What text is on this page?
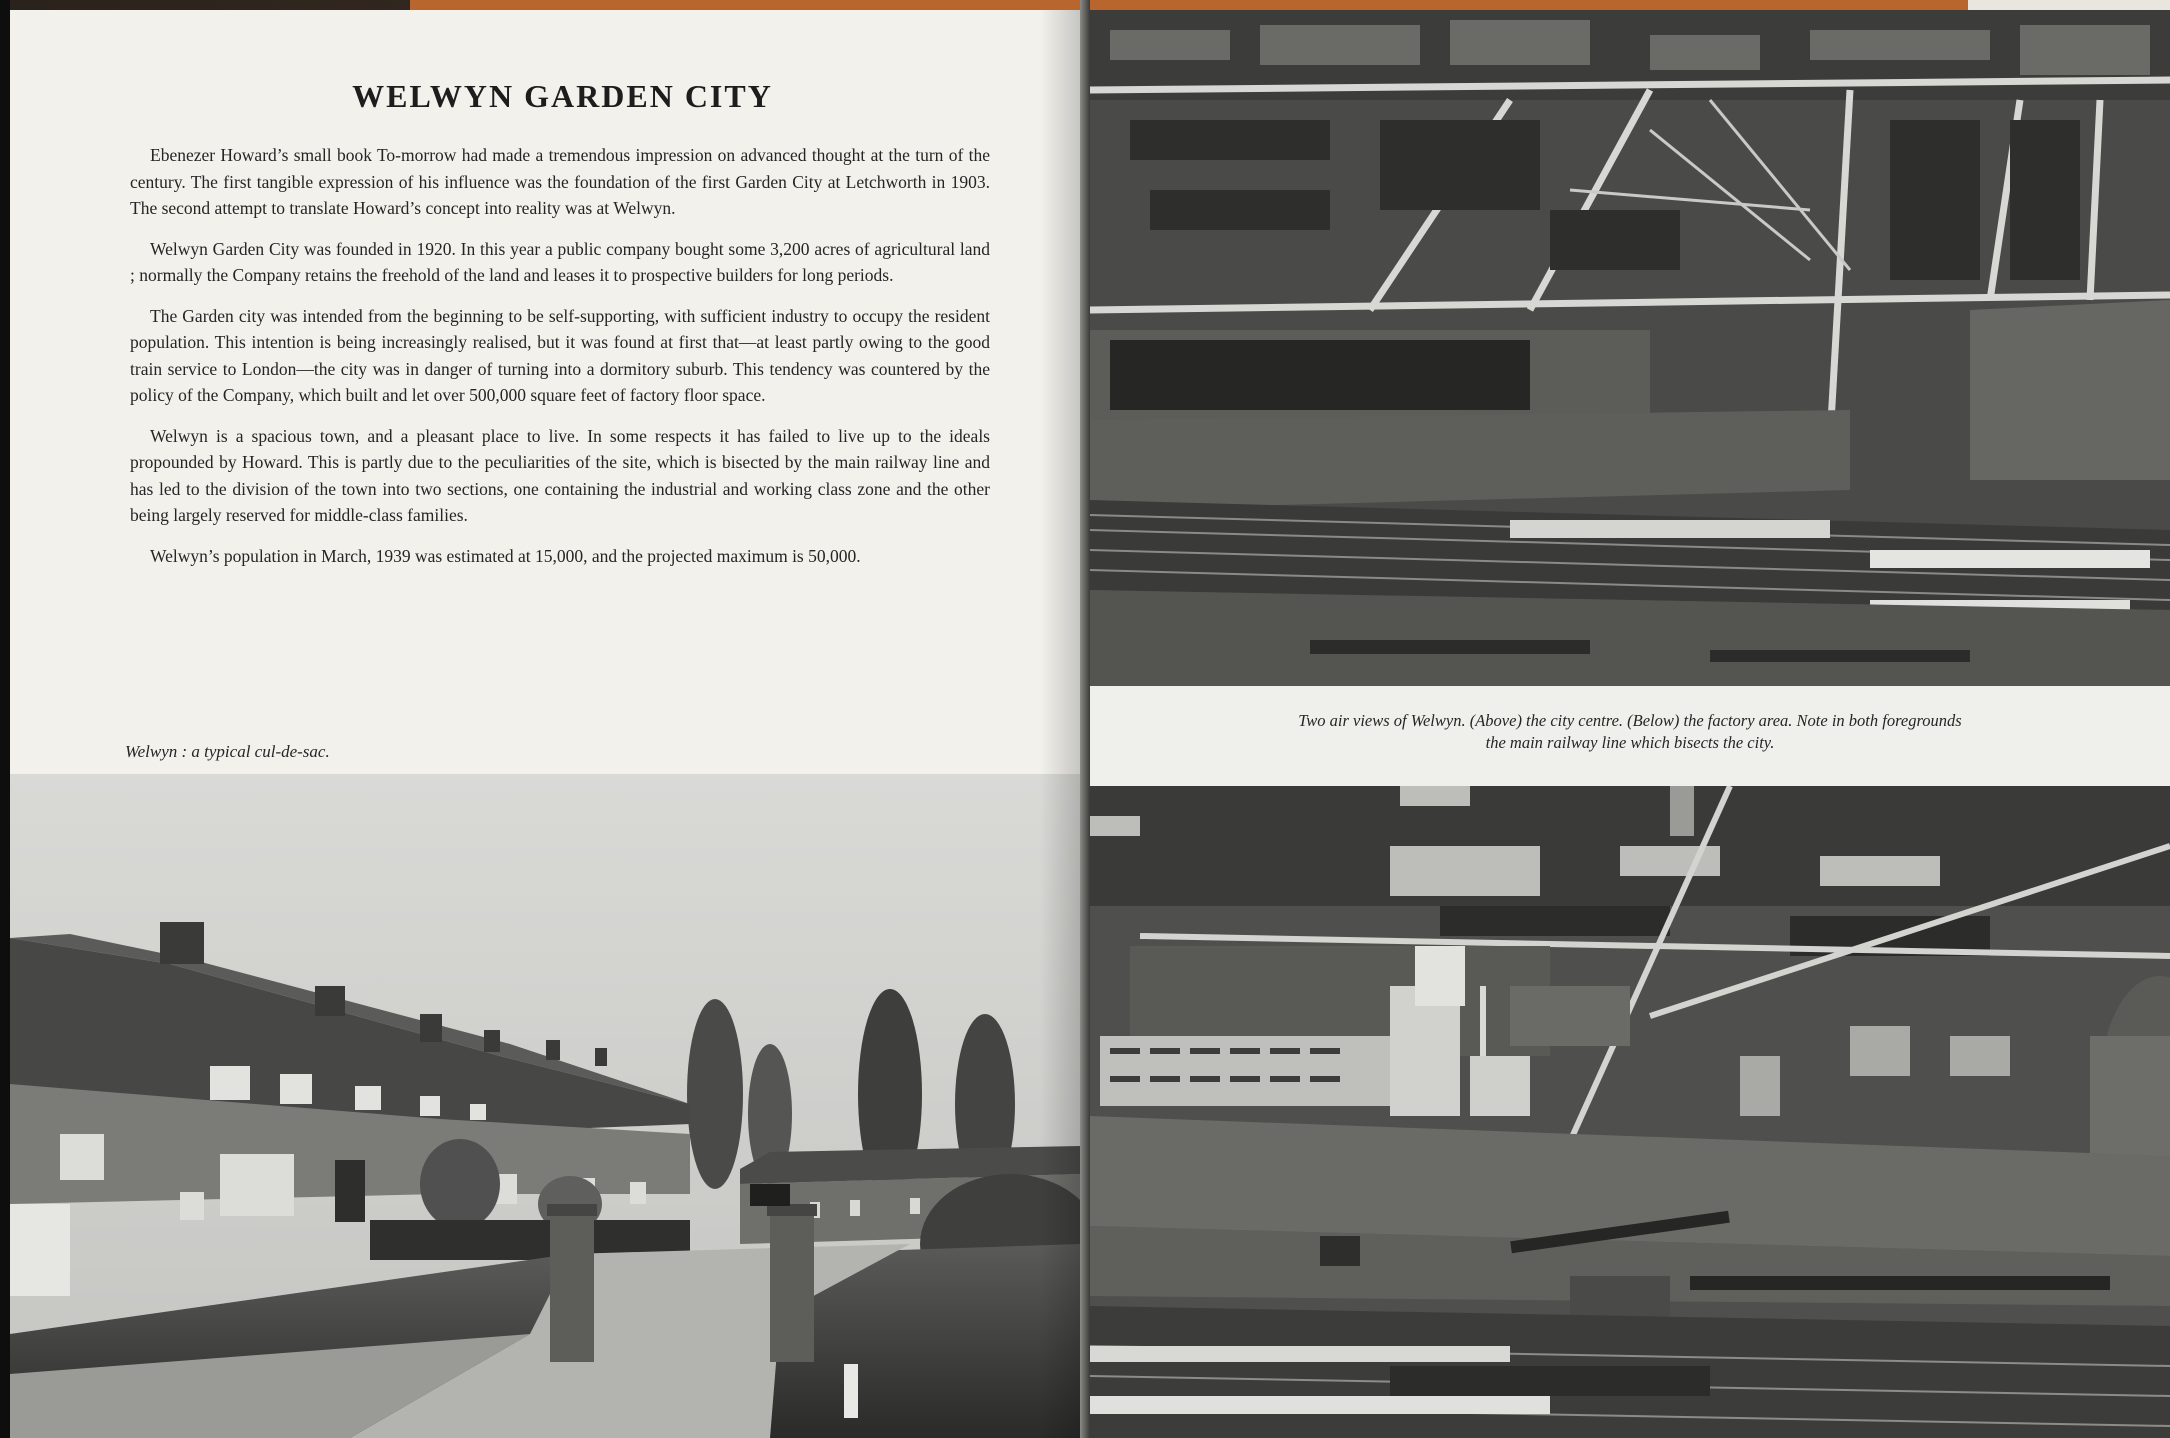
WELWYN GARDEN CITY

Ebenezer Howard’s small book To-morrow had made a tremendous impression on advanced thought at the turn of the century. The first tangible expression of his influence was the foundation of the first Garden City at Letchworth in 1903. The second attempt to translate Howard’s concept into reality was at Welwyn.

Welwyn Garden City was founded in 1920. In this year a public company bought some 3,200 acres of agricultural land ; normally the Company retains the freehold of the land and leases it to prospective builders for long periods.

The Garden city was intended from the beginning to be self-supporting, with sufficient industry to occupy the resident population. This intention is being increasingly realised, but it was found at first that—at least partly owing to the good train service to London—the city was in danger of turning into a dormitory suburb. This tendency was countered by the policy of the Company, which built and let over 500,000 square feet of factory floor space.

Welwyn is a spacious town, and a pleasant place to live. In some respects it has failed to live up to the ideals propounded by Howard. This is partly due to the peculiarities of the site, which is bisected by the main railway line and has led to the division of the town into two sections, one containing the industrial and working class zone and the other being largely reserved for middle-class families.

Welwyn’s population in March, 1939 was estimated at 15,000, and the projected maximum is 50,000.

Welwyn : a typical cul-de-sac.
Two air views of Welwyn. (Above) the city centre. (Below) the factory area. Note in both foregrounds
the main railway line which bisects the city.
